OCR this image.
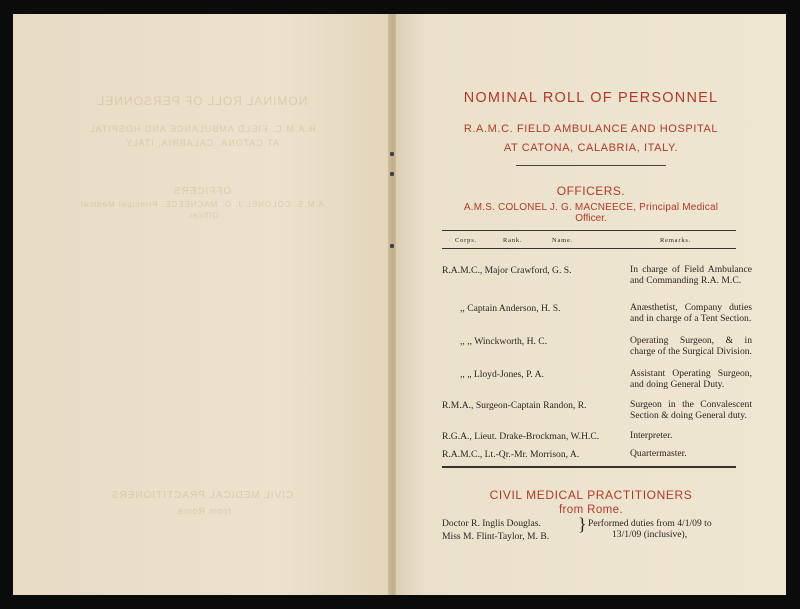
NOMINAL ROLL OF PERSONNEL
R.A.M.C. FIELD AMBULANCE AND HOSPITAL
AT CATONA, CALABRIA, ITALY
OFFICERS
A.M.S. COLONEL J. G. MACNEECE, Principal Medical
Officer.
CIVIL MEDICAL PRACTITIONERS
from Rome.
NOMINAL ROLL OF PERSONNEL
R.A.M.C. FIELD AMBULANCE AND HOSPITAL
AT CATONA, CALABRIA, ITALY.
OFFICERS.
A.M.S. COLONEL J. G. MACNEECE, Principal Medical
Officer.
Corps.	Rank.	Name.	Remarks.
R.A.M.C., Major Crawford, G. S.	In charge of Field Ambulance and Commanding R.A. M.C.
,, Captain Anderson, H. S.	Anæsthetist, Company duties and in charge of a Tent Section.
,, ,, Winckworth, H. C.	Operating Surgeon, & in charge of the Surgical Division.
,, „ Lloyd-Jones, P. A.	Assistant Operating Surgeon, and doing General Duty.
R.M.A., Surgeon-Captain Randon, R.	Surgeon in the Convalescent Section & doing General duty.
R.G.A., Lieut. Drake-Brockman, W.H.C.	Interpreter.
R.A.M.C., Lt.-Qr.-Mr. Morrison, A.	Quartermaster.
CIVIL MEDICAL PRACTITIONERS
from Rome.
Doctor R. Inglis Douglas.
Miss M. Flint-Taylor, M. B.
} Performed duties from 4/1/09 to
13/1/09 (inclusive),
